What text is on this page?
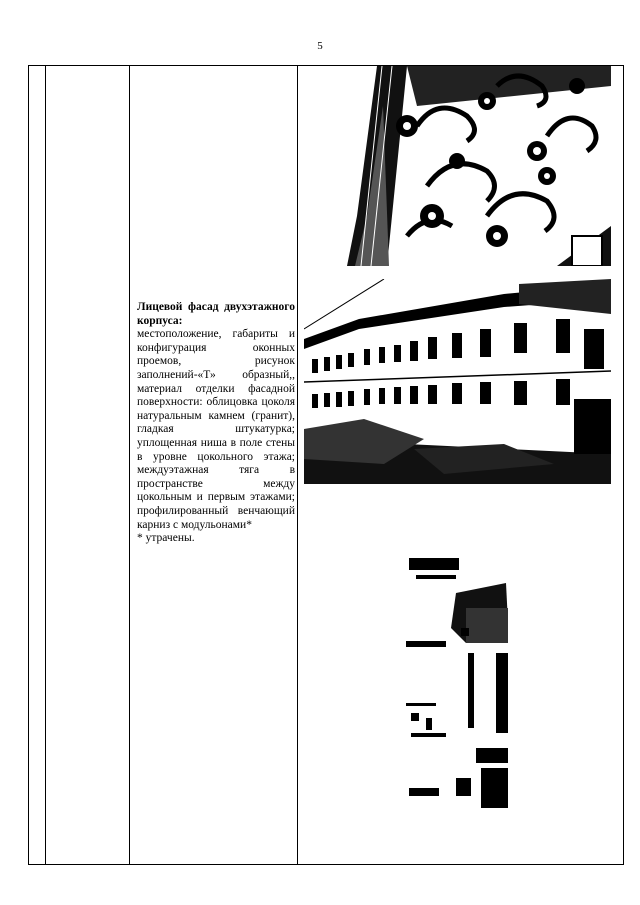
5

Лицевой фасад двухэтажного корпуса:

местоположение, габариты и конфигурация оконных проемов, рисунок заполнений-«Т» образный,, материал отделки фасадной поверхности: облицовка цоколя натуральным камнем (гранит), гладкая штукатурка; уплощенная ниша в поле стены в уровне цокольного этажа; междуэтажная тяга в пространстве между цокольным и первым этажами; профилированный венчающий карниз с модульонами*

* утрачены.
